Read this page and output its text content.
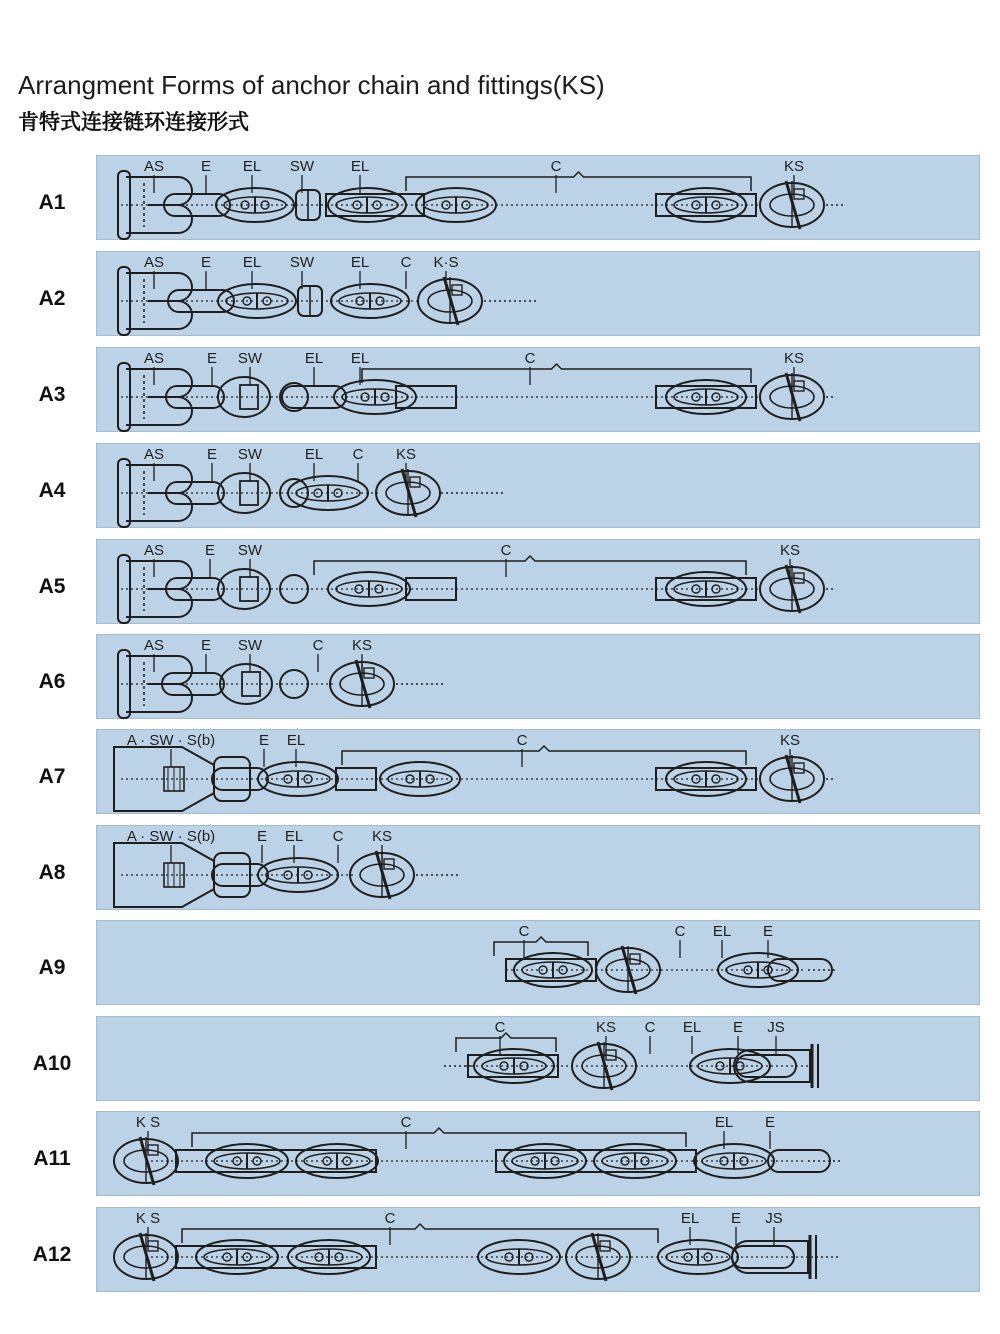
Arrangment Forms of anchor chain and fittings(KS)
肯特式连接链环连接形式
A1
AS E EL SW EL	C	KS
A2
AS E EL SW EL C K·S
A3
AS	E SW	EL EL	C	KS
A4
AS	E SW	EL C KS
A5
AS	E SW	C	KS
A6
AS E SW	C KS
A7
A · SW · S(b)	E EL	C	KS
A8
A · SW · S(b)	E EL C KS
A9
C	C EL E
A10
C	KS C EL E JS
A11
K S	C	EL E
A12
K S	C	EL E JS
